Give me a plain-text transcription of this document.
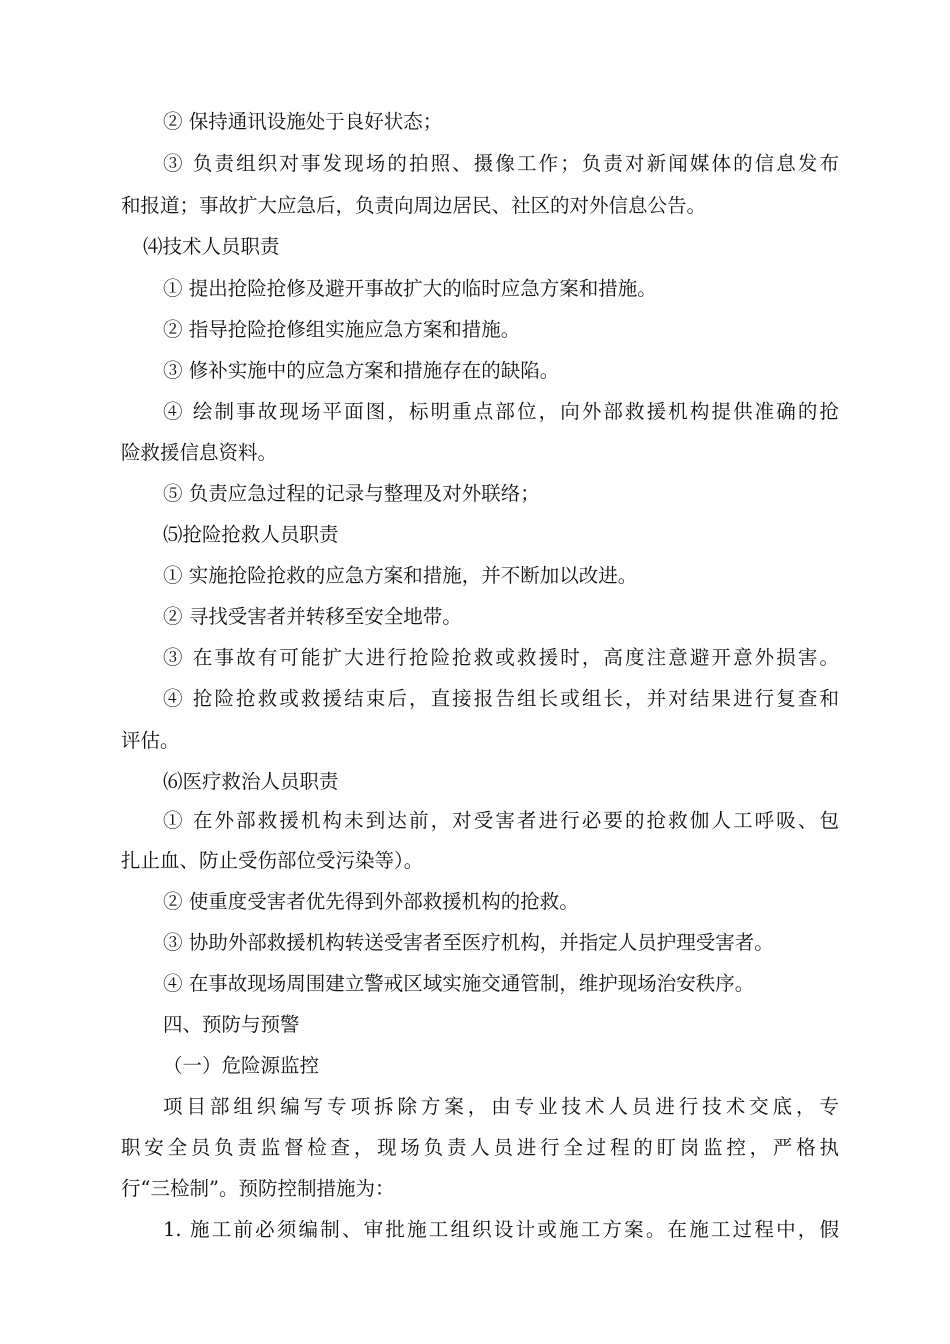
② 保持通讯设施处于良好状态；
③ 负责组织对事发现场的拍照、摄像工作；负责对新闻媒体的信息发布
和报道；事故扩大应急后，负责向周边居民、社区的对外信息公告。
⑷技术人员职责
① 提出抢险抢修及避开事故扩大的临时应急方案和措施。
② 指导抢险抢修组实施应急方案和措施。
③ 修补实施中的应急方案和措施存在的缺陷。
④ 绘制事故现场平面图，标明重点部位，向外部救援机构提供准确的抢
险救援信息资料。
⑤ 负责应急过程的记录与整理及对外联络；
⑸抢险抢救人员职责
① 实施抢险抢救的应急方案和措施，并不断加以改进。
② 寻找受害者并转移至安全地带。
③ 在事故有可能扩大进行抢险抢救或救援时，高度注意避开意外损害。
④ 抢险抢救或救援结束后，直接报告组长或组长，并对结果进行复查和
评估。
⑹医疗救治人员职责
① 在外部救援机构未到达前，对受害者进行必要的抢救伽人工呼吸、包
扎止血、防止受伤部位受污染等）。
② 使重度受害者优先得到外部救援机构的抢救。
③ 协助外部救援机构转送受害者至医疗机构，并指定人员护理受害者。
④ 在事故现场周围建立警戒区域实施交通管制，维护现场治安秩序。
四、预防与预警
（一）危险源监控
项目部组织编写专项拆除方案，由专业技术人员进行技术交底，专
职安全员负责监督检查，现场负责人员进行全过程的盯岗监控，严格执
行“三检制”。预防控制措施为：
1. 施工前必须编制、审批施工组织设计或施工方案。在施工过程中，假
